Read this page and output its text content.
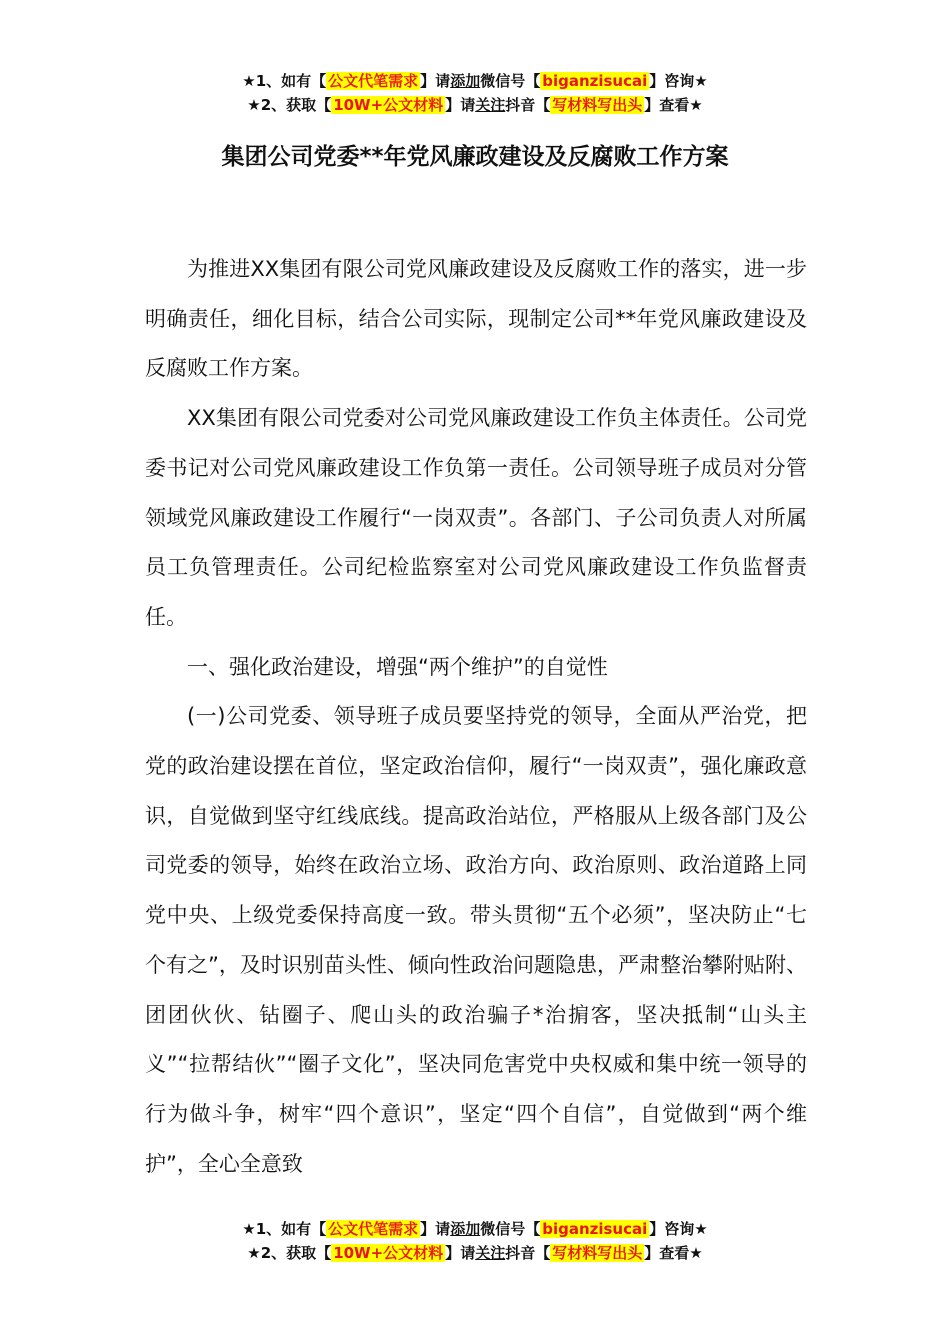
★1、如有【 公文代笔需求 】请添加微信号【 biganzisucai 】咨询★
★2、获取【 10W+公文材料 】请关注抖音【 写材料写出头 】查看★
集团公司党委**年党风廉政建设及反腐败工作方案

为推进XX集团有限公司党风廉政建设及反腐败工作的落实，进一步明确责任，细化目标，结合公司实际，现制定公司**年党风廉政建设及反腐败工作方案。

XX集团有限公司党委对公司党风廉政建设工作负主体责任。公司党委书记对公司党风廉政建设工作负第一责任。公司领导班子成员对分管领域党风廉政建设工作履行“一岗双责”。各部门、子公司负责人对所属员工负管理责任。公司纪检监察室对公司党风廉政建设工作负监督责任。

一、强化政治建设，增强“两个维护”的自觉性

(一)公司党委、领导班子成员要坚持党的领导，全面从严治党，把党的政治建设摆在首位，坚定政治信仰，履行“一岗双责”，强化廉政意识，自觉做到坚守红线底线。提高政治站位，严格服从上级各部门及公司党委的领导，始终在政治立场、政治方向、政治原则、政治道路上同党中央、上级党委保持高度一致。带头贯彻“五个必须”，坚决防止“七个有之”，及时识别苗头性、倾向性政治问题隐患，严肃整治攀附贴附、团团伙伙、钻圈子、爬山头的政治骗子*治掮客，坚决抵制“山头主义”“拉帮结伙”“圈子文化”，坚决同危害党中央权威和集中统一领导的行为做斗争，树牢“四个意识”，坚定“四个自信”，自觉做到“两个维护”，全心全意致

★1、如有【 公文代笔需求 】请添加微信号【 biganzisucai 】咨询★
★2、获取【 10W+公文材料 】请关注抖音【 写材料写出头 】查看★
